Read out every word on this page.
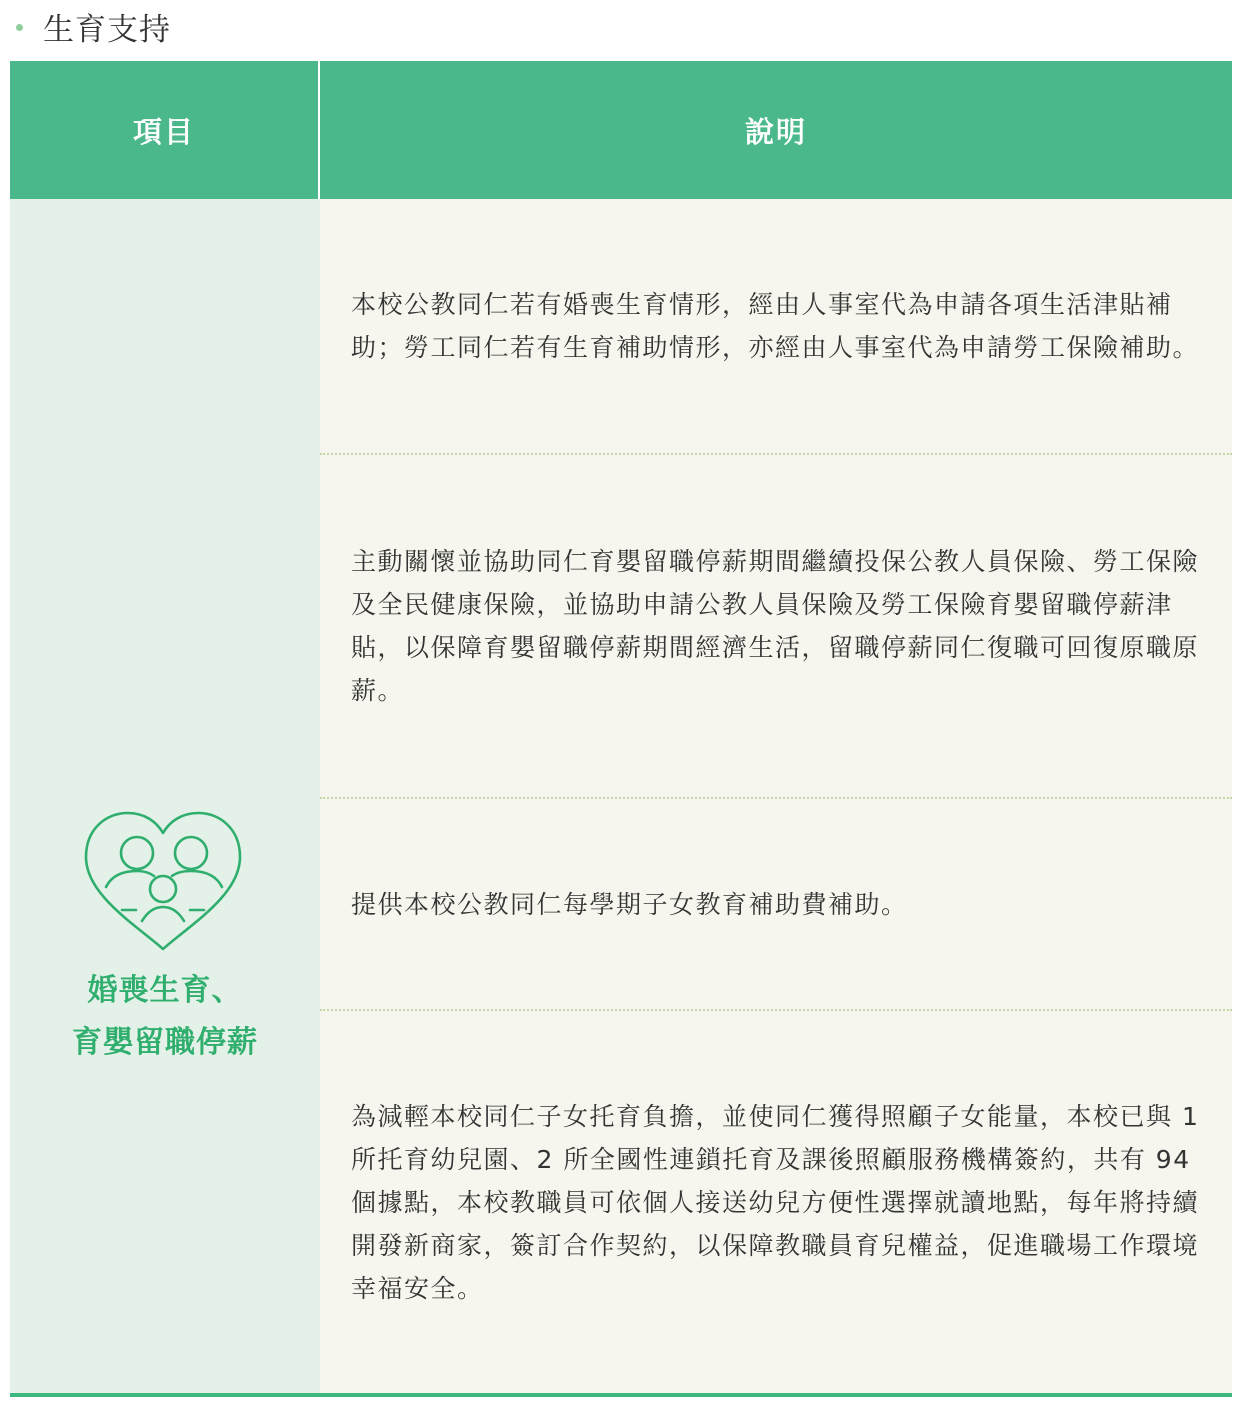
生育支持
項目	說明
婚喪生育、
育嬰留職停薪
本校公教同仁若有婚喪生育情形，經由人事室代為申請各項生活津貼補助；勞工同仁若有生育補助情形，亦經由人事室代為申請勞工保險補助。
主動關懷並協助同仁育嬰留職停薪期間繼續投保公教人員保險、勞工保險及全民健康保險，並協助申請公教人員保險及勞工保險育嬰留職停薪津貼，以保障育嬰留職停薪期間經濟生活，留職停薪同仁復職可回復原職原薪。
提供本校公教同仁每學期子女教育補助費補助。
為減輕本校同仁子女托育負擔，並使同仁獲得照顧子女能量，本校已與 1 所托育幼兒園、2 所全國性連鎖托育及課後照顧服務機構簽約，共有 94 個據點，本校教職員可依個人接送幼兒方便性選擇就讀地點，每年將持續開發新商家，簽訂合作契約，以保障教職員育兒權益，促進職場工作環境幸福安全。
